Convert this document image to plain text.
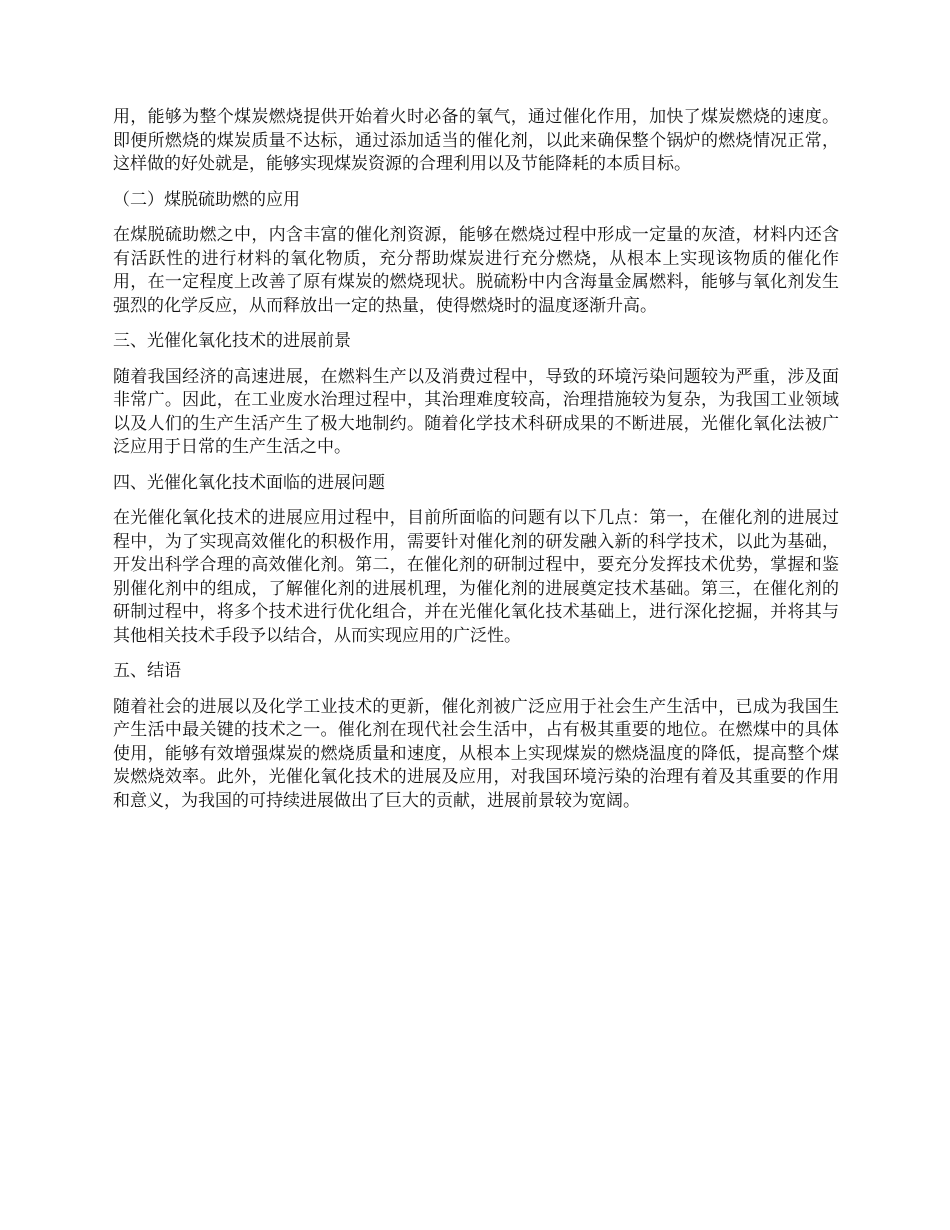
用，能够为整个煤炭燃烧提供开始着火时必备的氧气，通过催化作用，加快了煤炭燃烧的速度。即便所燃烧的煤炭质量不达标，通过添加适当的催化剂，以此来确保整个锅炉的燃烧情况正常，这样做的好处就是，能够实现煤炭资源的合理利用以及节能降耗的本质目标。

（二）煤脱硫助燃的应用

在煤脱硫助燃之中，内含丰富的催化剂资源，能够在燃烧过程中形成一定量的灰渣，材料内还含有活跃性的进行材料的氧化物质，充分帮助煤炭进行充分燃烧，从根本上实现该物质的催化作用，在一定程度上改善了原有煤炭的燃烧现状。脱硫粉中内含海量金属燃料，能够与氧化剂发生强烈的化学反应，从而释放出一定的热量，使得燃烧时的温度逐渐升高。

三、光催化氧化技术的进展前景

随着我国经济的高速进展，在燃料生产以及消费过程中，导致的环境污染问题较为严重，涉及面非常广。因此，在工业废水治理过程中，其治理难度较高，治理措施较为复杂，为我国工业领域以及人们的生产生活产生了极大地制约。随着化学技术科研成果的不断进展，光催化氧化法被广泛应用于日常的生产生活之中。

四、光催化氧化技术面临的进展问题

在光催化氧化技术的进展应用过程中，目前所面临的问题有以下几点：第一，在催化剂的进展过程中，为了实现高效催化的积极作用，需要针对催化剂的研发融入新的科学技术，以此为基础，开发出科学合理的高效催化剂。第二，在催化剂的研制过程中，要充分发挥技术优势，掌握和鉴别催化剂中的组成，了解催化剂的进展机理，为催化剂的进展奠定技术基础。第三，在催化剂的研制过程中，将多个技术进行优化组合，并在光催化氧化技术基础上，进行深化挖掘，并将其与其他相关技术手段予以结合，从而实现应用的广泛性。

五、结语

随着社会的进展以及化学工业技术的更新，催化剂被广泛应用于社会生产生活中，已成为我国生产生活中最关键的技术之一。催化剂在现代社会生活中，占有极其重要的地位。在燃煤中的具体使用，能够有效增强煤炭的燃烧质量和速度，从根本上实现煤炭的燃烧温度的降低，提高整个煤炭燃烧效率。此外，光催化氧化技术的进展及应用，对我国环境污染的治理有着及其重要的作用和意义，为我国的可持续进展做出了巨大的贡献，进展前景较为宽阔。
